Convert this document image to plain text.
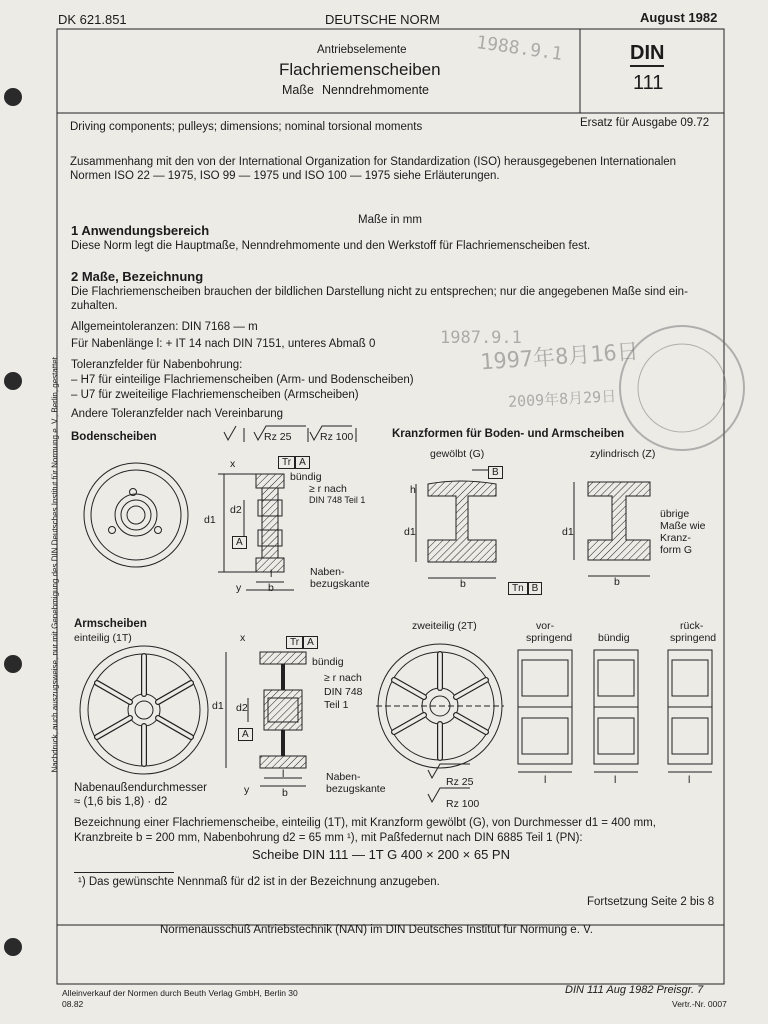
DK 621.851	DEUTSCHE NORM	August 1982
Antriebselemente
Flachriemenscheiben
Maße Nenndrehmomente
DIN
111
1988.9.1
1987.9.1
1997年8月16日
2009年8月29日
Driving components; pulleys; dimensions; nominal torsional moments	Ersatz für Ausgabe 09.72
Zusammenhang mit den von der International Organization for Standardization (ISO) herausgegebenen Internationalen
Normen ISO 22 — 1975, ISO 99 — 1975 und ISO 100 — 1975 siehe Erläuterungen.
Maße in mm
1 Anwendungsbereich
Diese Norm legt die Hauptmaße, Nenndrehmomente und den Werkstoff für Flachriemenscheiben fest.
2 Maße, Bezeichnung
Die Flachriemenscheiben brauchen der bildlichen Darstellung nicht zu entsprechen; nur die angegebenen Maße sind ein-
zuhalten.
Allgemeintoleranzen: DIN 7168 — m
Für Nabenlänge l: + IT 14 nach DIN 7151, unteres Abmaß 0
Toleranzfelder für Nabenbohrung:
– H7 für einteilige Flachriemenscheiben (Arm- und Bodenscheiben)
– U7 für zweiteilige Flachriemenscheiben (Armscheiben)
Andere Toleranzfelder nach Vereinbarung
Bodenscheiben	Kranzformen für Boden- und Armscheiben
Rz 25	Rz 100
bündig
≥ r nach
DIN 748 Teil 1
Naben-
bezugskante
d1
d2
l
b
x
y
Tr A
A
gewölbt (G)
B
h
d1
b	Tn B
zylindrisch (Z)
d1
b
übrige
Maße wie
Kranz-
form G
Armscheiben
einteilig (1T)
zweiteilig (2T)	vor-
springend bündig
rück-
springend
Tr A
bündig
≥ r nach
DIN 748
Teil 1
Naben-
bezugskante
d1 d2
A
l
b
x
y
Rz 25
Rz 100
l	l	l
Nabenaußendurchmesser
≈ (1,6 bis 1,8) · d2
Bezeichnung einer Flachriemenscheibe, einteilig (1T), mit Kranzform gewölbt (G), von Durchmesser d1 = 400 mm,
Kranzbreite b = 200 mm, Nabenbohrung d2 = 65 mm ¹), mit Paßfedernut nach DIN 6885 Teil 1 (PN):
Scheibe DIN 111 — 1T G 400 × 200 × 65 PN
¹) Das gewünschte Nennmaß für d2 ist in der Bezeichnung anzugeben.
Fortsetzung Seite 2 bis 8
Normenausschuß Antriebstechnik (NAN) im DIN Deutsches Institut für Normung e. V.
Nachdruck, auch auszugsweise, nur mit Genehmigung des DIN Deutsches Institut für Normung e. V., Berlin, gestattet.
Alleinverkauf der Normen durch Beuth Verlag GmbH, Berlin 30
08.82
DIN 111 Aug 1982 Preisgr. 7
Vertr.-Nr. 0007
